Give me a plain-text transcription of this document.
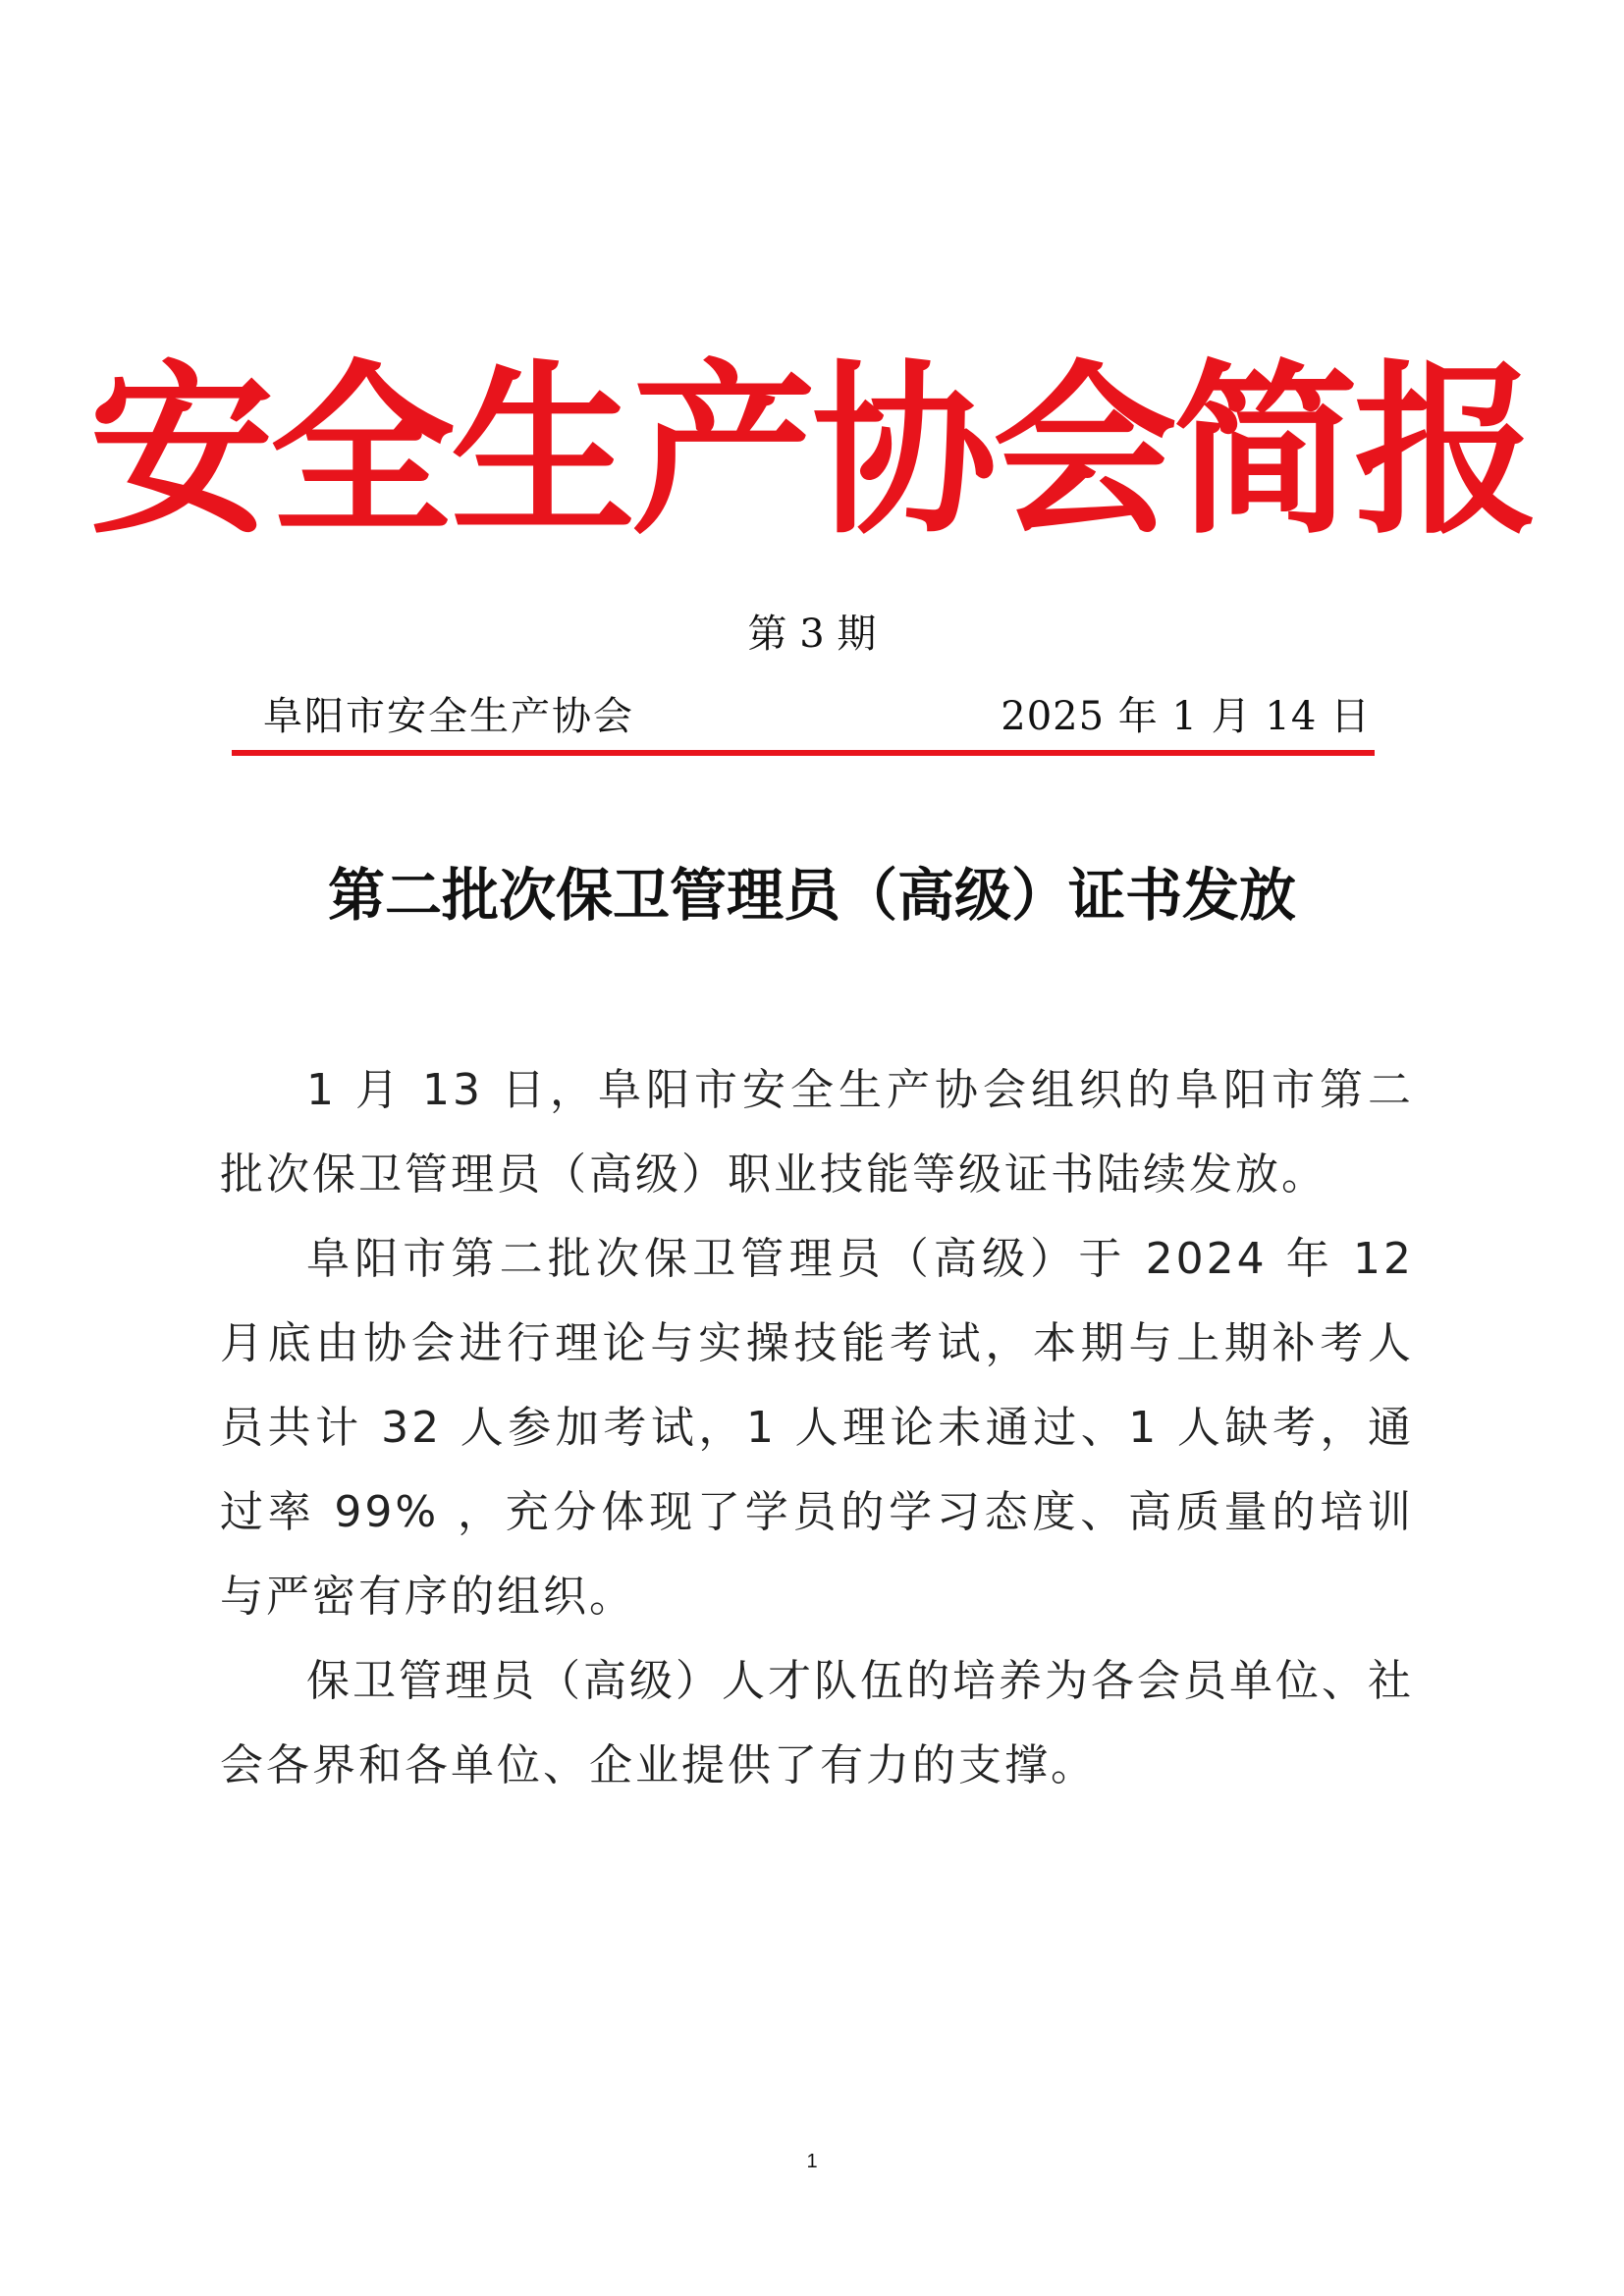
安全生产协会简报
第 3 期
阜阳市安全生产协会	2025 年 1 月 14 日
第二批次保卫管理员（高级）证书发放

1 月 13 日，阜阳市安全生产协会组织的阜阳市第二批次保卫管理员（高级）职业技能等级证书陆续发放。

阜阳市第二批次保卫管理员（高级）于 2024 年 12 月底由协会进行理论与实操技能考试，本期与上期补考人员共计 32 人参加考试，1 人理论未通过、1 人缺考，通过率 99% ，充分体现了学员的学习态度、高质量的培训与严密有序的组织。

保卫管理员（高级）人才队伍的培养为各会员单位、社会各界和各单位、企业提供了有力的支撑。

1
